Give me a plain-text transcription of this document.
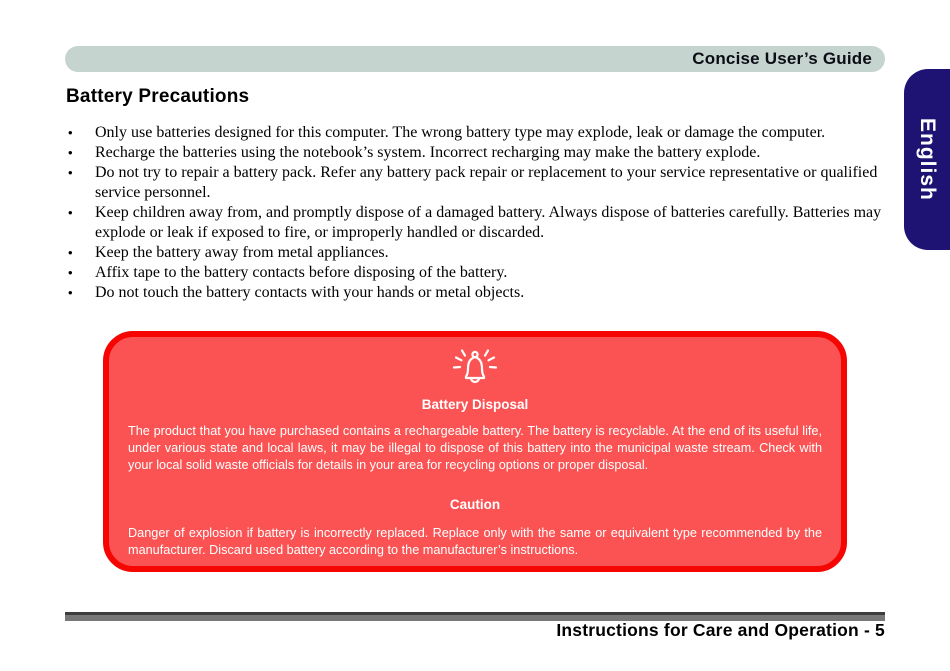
Concise User’s Guide
English
Battery Precautions
• Only use batteries designed for this computer. The wrong battery type may explode, leak or damage the computer.
• Recharge the batteries using the notebook’s system. Incorrect recharging may make the battery explode.
• Do not try to repair a battery pack. Refer any battery pack repair or replacement to your service representative or qualified service personnel.
• Keep children away from, and promptly dispose of a damaged battery. Always dispose of batteries carefully. Batteries may explode or leak if exposed to fire, or improperly handled or discarded.
• Keep the battery away from metal appliances.
• Affix tape to the battery contacts before disposing of the battery.
• Do not touch the battery contacts with your hands or metal objects.
Battery Disposal

The product that you have purchased contains a rechargeable battery. The battery is recyclable. At the end of its useful life, under various state and local laws, it may be illegal to dispose of this battery into the municipal waste stream. Check with your local solid waste officials for details in your area for recycling options or proper disposal.

Caution

Danger of explosion if battery is incorrectly replaced. Replace only with the same or equivalent type recommended by the manufacturer. Discard used battery according to the manufacturer’s instructions.

Instructions for Care and Operation - 5
